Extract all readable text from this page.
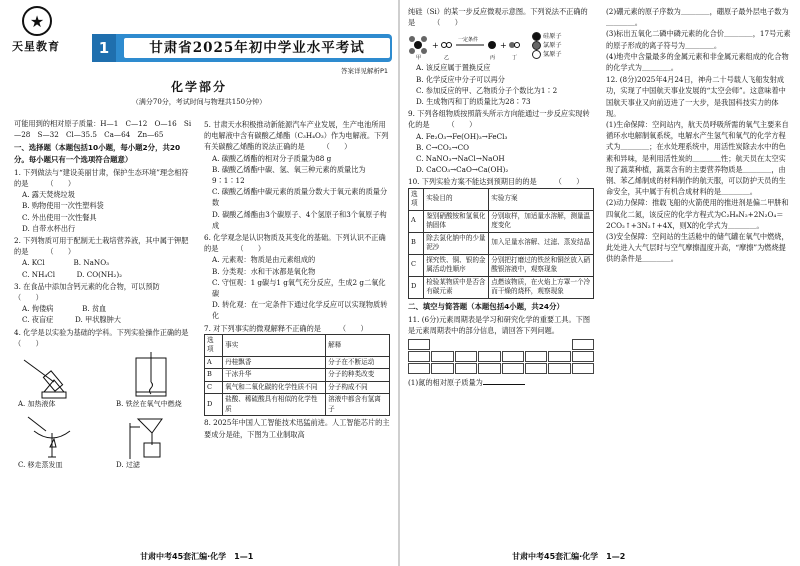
★
天星教育	1	甘肃省2025年初中学业水平考试
答案详见解析P1
化学部分
（满分70分，考试时间与物理共150分钟）

可能用到的相对原子质量：H—1　C—12　O—16　Si—28　S—32　Cl—35.5　Ca—64　Zn—65

一、选择题（本题包括10小题，每小题2分，共20分。每小题只有一个选项符合题意）

1. 下列做法与“建设美丽甘肃，保护生态环境”理念相符的是　　　（　　）

A. 露天焚烧垃圾

B. 购物使用一次性塑料袋

C. 外出使用一次性餐具

D. 自带水杯出行

2. 下列物质可用于配制无土栽培营养液，其中属于钾肥的是　　　（　　）

A. KCl　　　　	B. NaNO₃

C. NH₄Cl　　　	D. CO(NH₂)₂

3. 在食品中添加含钙元素的化合物，可以预防　　　（　　）

A. 佝偻病　　　　	B. 贫血

C. 夜盲症　　　	D. 甲状腺肿大

4. 化学是以实验为基础的学科。下列实验操作正确的是　　　（　　）

A. 加热液体	B. 铁丝在氧气中燃烧
C. 移走蒸发皿	D. 过滤

5. 甘肃天水积极推动新能源汽车产业发展，生产电池所用的电解液中含有碳酸乙烯酯（C₃H₄O₃）作为电解液。下列有关碳酸乙烯酯的说法正确的是　　　（　　）

A. 碳酸乙烯酯的相对分子质量为88 g

B. 碳酸乙烯酯中碳、氢、氧三种元素的质量比为9∶1∶12

C. 碳酸乙烯酯中碳元素的质量分数大于氧元素的质量分数

D. 碳酸乙烯酯由3个碳原子、4个氢原子和3个氧原子构成

6. 化学观念是认识物质及其变化的基础。下列认识不正确的是　　　（　　）

A. 元素观：物质是由元素组成的

B. 分类观：水和干冰都是氧化物

C. 守恒观：1 g碳与1 g氧气充分反应，生成2 g二氧化碳

D. 转化观：在一定条件下通过化学反应可以实现物质转化

7. 对下列事实的微观解释不正确的是　　　（　　）

选项	事实	解释
A	丹桂飘香	分子在不断运动
B	干冰升华	分子的种类改变
C	氧气和二氧化碳的化学性质不同	分子构成不同
D	盐酸、稀硫酸具有相似的化学性质	溶液中都含有氢离子

8. 2025年中国人工智能技术迅猛前进。人工智能芯片的主要成分是硅，下图为工业制取高

甘肃中考45套汇编·化学 1—1

纯硅（Si）的某一步反应微观示意图。下列说法不正确的是　　　（　　）

+
一定条件
+
甲	乙	丙	丁
硅原子
氯原子
氢原子

A. 该反应属于置换反应

B. 化学反应中分子可以再分

C. 参加反应的甲、乙物质分子个数比为1∶2

D. 生成物丙和丁的质量比为28∶73

9. 下列各组物质按照箭头所示方向能通过一步反应实现转化的是　　　（　　）

A. Fe₂O₃→Fe(OH)₃→FeCl₃

B. C→CO₂→CO

C. NaNO₃→NaCl→NaOH

D. CaCO₃→CaO→Ca(OH)₂

10. 下列实验方案不能达到预期目的的是　　　（　　）

选项	实验目的	实验方案
A	鉴别硝酸铵和氢氧化钠固体	分别取样，加适量水溶解，测量温度变化
B	除去氯化钠中的少量泥沙	加入足量水溶解、过滤、蒸发结晶
C	探究铁、铜、银的金属活动性顺序	分别把打磨过的铁丝和铜丝放入硝酸银溶液中，观察现象
D	检验某物质中是否含有碳元素	点燃该物质，在火焰上方罩一个冷而干燥的烧杯，观察现象

二、填空与简答题（本题包括4小题，共24分）

11. (6分)元素周期表是学习和研究化学的重要工具。下图是元素周期表中的部分信息，请回答下列问题。

(1)氮的相对原子质量为

(2)硼元素的原子序数为＿＿＿＿，硼原子最外层电子数为＿＿＿＿。

(3)标出五氧化二磷中磷元素的化合价＿＿＿＿，17号元素的原子形成的离子符号为＿＿＿＿。

(4)地壳中含量最多的金属元素和非金属元素组成的化合物的化学式为＿＿＿＿。

12. (8分)2025年4月24日，神舟二十号载人飞船发射成功，实现了中国航天事业发展的“太空会师”。这意味着中国航天事业又向前迈进了一大步，是我国科技实力的体现。

(1)生命保障：空间站内，航天员呼吸所需的氧气主要来自循环水电解制氧系统，电解水产生氢气和氧气的化学方程式为＿＿＿＿；在水处理系统中，用活性炭除去水中的色素和异味，是利用活性炭的＿＿＿＿性；航天员在太空实现了蔬菜种植，蔬菜含有的主要营养物质是＿＿＿＿，由钢、苯乙烯制成的材料制作的航天服，可以防护天员的生命安全，其中属于有机合成材料的是＿＿＿＿。

(2)动力保障：推载飞船的火箭使用的推进剂是偏二甲肼和四氧化二氮，该反应的化学方程式为C₂H₈N₂+2N₂O₄＝2CO₂↑+3N₂↑+4X，则X的化学式为＿＿＿＿。

(3)安全保障：空间站的生活舱中的储气罐在氧气中燃烧，此处进入大气层时与空气摩擦温度升高，“摩擦”为燃烧提供的条件是＿＿＿＿。

甘肃中考45套汇编·化学 1—2
